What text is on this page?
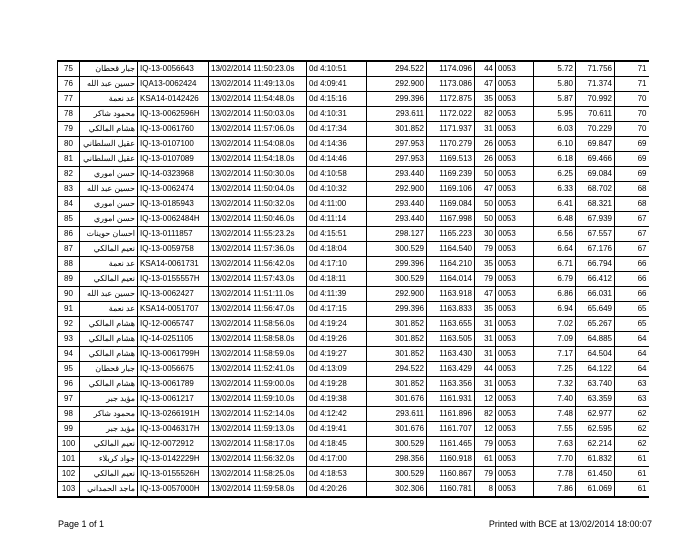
75	جبار قحطان	IQ-13-0056643	13/02/2014 11:50:23.0s	0d 4:10:51	294.522	1174.096	44	0053	5.72	71.756	71
76	حسين عبد الله	IQA13-0062424	13/02/2014 11:49:13.0s	0d 4:09:41	292.900	1173.086	47	0053	5.80	71.374	71
77	عد نعمة	KSA14-0142426	13/02/2014 11:54:48.0s	0d 4:15:16	299.396	1172.875	35	0053	5.87	70.992	70
78	محمود شاكر	IQ-13-0062596H	13/02/2014 11:50:03.0s	0d 4:10:31	293.611	1172.022	82	0053	5.95	70.611	70
79	هشام المالكي	IQ-13-0061760	13/02/2014 11:57:06.0s	0d 4:17:34	301.852	1171.937	31	0053	6.03	70.229	70
80	عقيل السلطاني	IQ-13-0107100	13/02/2014 11:54:08.0s	0d 4:14:36	297.953	1170.279	26	0053	6.10	69.847	69
81	عقيل السلطاني	IQ-13-0107089	13/02/2014 11:54:18.0s	0d 4:14:46	297.953	1169.513	26	0053	6.18	69.466	69
82	حسن اموري	IQ-14-0323968	13/02/2014 11:50:30.0s	0d 4:10:58	293.440	1169.239	50	0053	6.25	69.084	69
83	حسين عبد الله	IQ-13-0062474	13/02/2014 11:50:04.0s	0d 4:10:32	292.900	1169.106	47	0053	6.33	68.702	68
84	حسن اموري	IQ-13-0185943	13/02/2014 11:50:32.0s	0d 4:11:00	293.440	1169.084	50	0053	6.41	68.321	68
85	حسن اموري	IQ-13-0062484H	13/02/2014 11:50:46.0s	0d 4:11:14	293.440	1167.998	50	0053	6.48	67.939	67
86	احسان حوينات	IQ-13-0111857	13/02/2014 11:55:23.2s	0d 4:15:51	298.127	1165.223	30	0053	6.56	67.557	67
87	نعيم المالكي	IQ-13-0059758	13/02/2014 11:57:36.0s	0d 4:18:04	300.529	1164.540	79	0053	6.64	67.176	67
88	عد نعمة	KSA14-0061731	13/02/2014 11:56:42.0s	0d 4:17:10	299.396	1164.210	35	0053	6.71	66.794	66
89	نعيم المالكي	IQ-13-0155557H	13/02/2014 11:57:43.0s	0d 4:18:11	300.529	1164.014	79	0053	6.79	66.412	66
90	حسين عبد الله	IQ-13-0062427	13/02/2014 11:51:11.0s	0d 4:11:39	292.900	1163.918	47	0053	6.86	66.031	66
91	عد نعمة	KSA14-0051707	13/02/2014 11:56:47.0s	0d 4:17:15	299.396	1163.833	35	0053	6.94	65.649	65
92	هشام المالكي	IQ-12-0065747	13/02/2014 11:58:56.0s	0d 4:19:24	301.852	1163.655	31	0053	7.02	65.267	65
93	هشام المالكي	IQ-14-0251105	13/02/2014 11:58:58.0s	0d 4:19:26	301.852	1163.505	31	0053	7.09	64.885	64
94	هشام المالكي	IQ-13-0061799H	13/02/2014 11:58:59.0s	0d 4:19:27	301.852	1163.430	31	0053	7.17	64.504	64
95	جبار قحطان	IQ-13-0056675	13/02/2014 11:52:41.0s	0d 4:13:09	294.522	1163.429	44	0053	7.25	64.122	64
96	هشام المالكي	IQ-13-0061789	13/02/2014 11:59:00.0s	0d 4:19:28	301.852	1163.356	31	0053	7.32	63.740	63
97	مؤيد جبر	IQ-13-0061217	13/02/2014 11:59:10.0s	0d 4:19:38	301.676	1161.931	12	0053	7.40	63.359	63
98	محمود شاكر	IQ-13-0266191H	13/02/2014 11:52:14.0s	0d 4:12:42	293.611	1161.896	82	0053	7.48	62.977	62
99	مؤيد جبر	IQ-13-0046317H	13/02/2014 11:59:13.0s	0d 4:19:41	301.676	1161.707	12	0053	7.55	62.595	62
100	نعيم المالكي	IQ-12-0072912	13/02/2014 11:58:17.0s	0d 4:18:45	300.529	1161.465	79	0053	7.63	62.214	62
101	جواد كربلاء	IQ-13-0142229H	13/02/2014 11:56:32.0s	0d 4:17:00	298.356	1160.918	61	0053	7.70	61.832	61
102	نعيم المالكي	IQ-13-0155526H	13/02/2014 11:58:25.0s	0d 4:18:53	300.529	1160.867	79	0053	7.78	61.450	61
103	ماجد الحمداني	IQ-13-0057000H	13/02/2014 11:59:58.0s	0d 4:20:26	302.306	1160.781	8	0053	7.86	61.069	61
Page 1 of 1	Printed with BCE at 13/02/2014 18:00:07
